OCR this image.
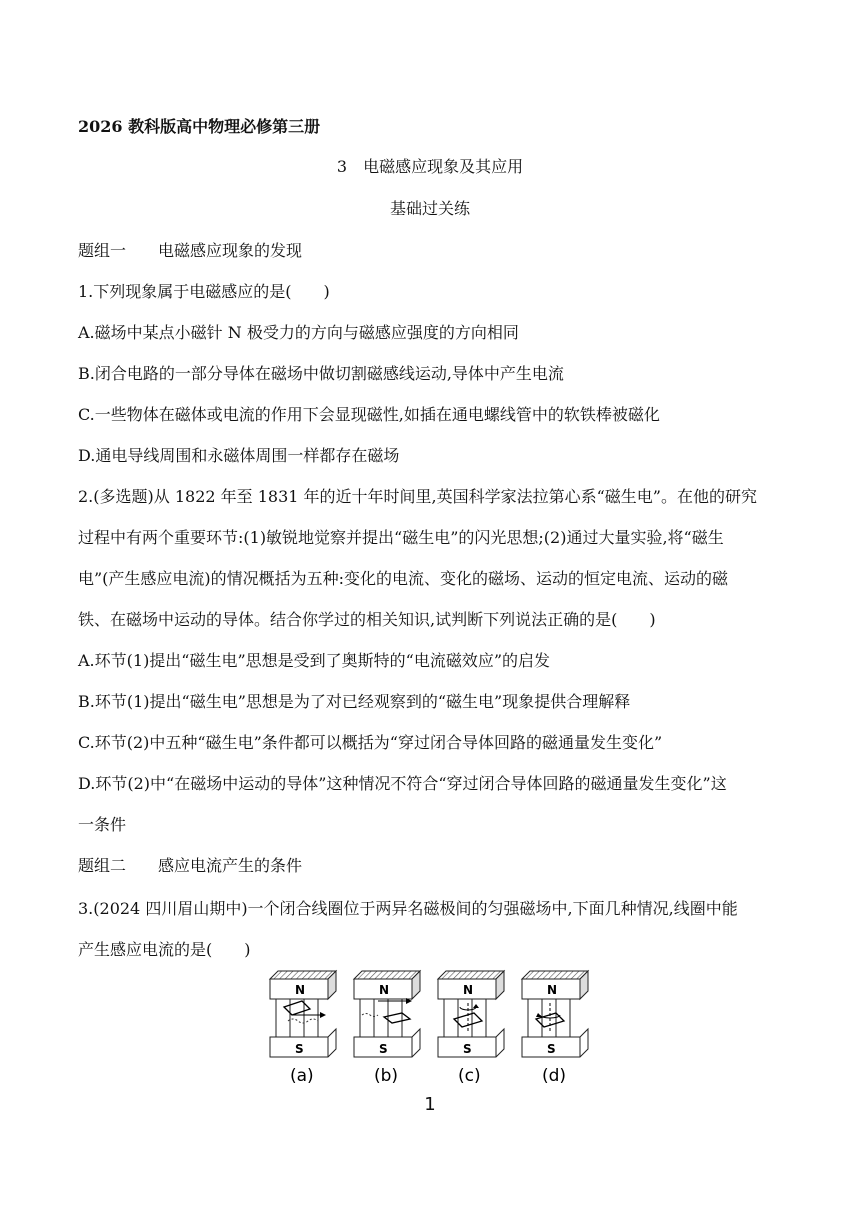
2026 教科版高中物理必修第三册
3　电磁感应现象及其应用
基础过关练
题组一　　电磁感应现象的发现
1.下列现象属于电磁感应的是(　　)
A.磁场中某点小磁针 N 极受力的方向与磁感应强度的方向相同
B.闭合电路的一部分导体在磁场中做切割磁感线运动,导体中产生电流
C.一些物体在磁体或电流的作用下会显现磁性,如插在通电螺线管中的软铁棒被磁化
D.通电导线周围和永磁体周围一样都存在磁场
2.(多选题)从 1822 年至 1831 年的近十年时间里,英国科学家法拉第心系“磁生电”。在他的研究
过程中有两个重要环节:(1)敏锐地觉察并提出“磁生电”的闪光思想;(2)通过大量实验,将“磁生
电”(产生感应电流)的情况概括为五种:变化的电流、变化的磁场、运动的恒定电流、运动的磁
铁、在磁场中运动的导体。结合你学过的相关知识,试判断下列说法正确的是(　　)
A.环节(1)提出“磁生电”思想是受到了奥斯特的“电流磁效应”的启发
B.环节(1)提出“磁生电”思想是为了对已经观察到的“磁生电”现象提供合理解释
C.环节(2)中五种“磁生电”条件都可以概括为“穿过闭合导体回路的磁通量发生变化”
D.环节(2)中“在磁场中运动的导体”这种情况不符合“穿过闭合导体回路的磁通量发生变化”这
一条件
题组二　　感应电流产生的条件
3.(2024 四川眉山期中)一个闭合线圈位于两异名磁极间的匀强磁场中,下面几种情况,线圈中能
产生感应电流的是(　　)
N
S
(a)
N
S
(b)
N
S
(c)
N
S
(d)
1
